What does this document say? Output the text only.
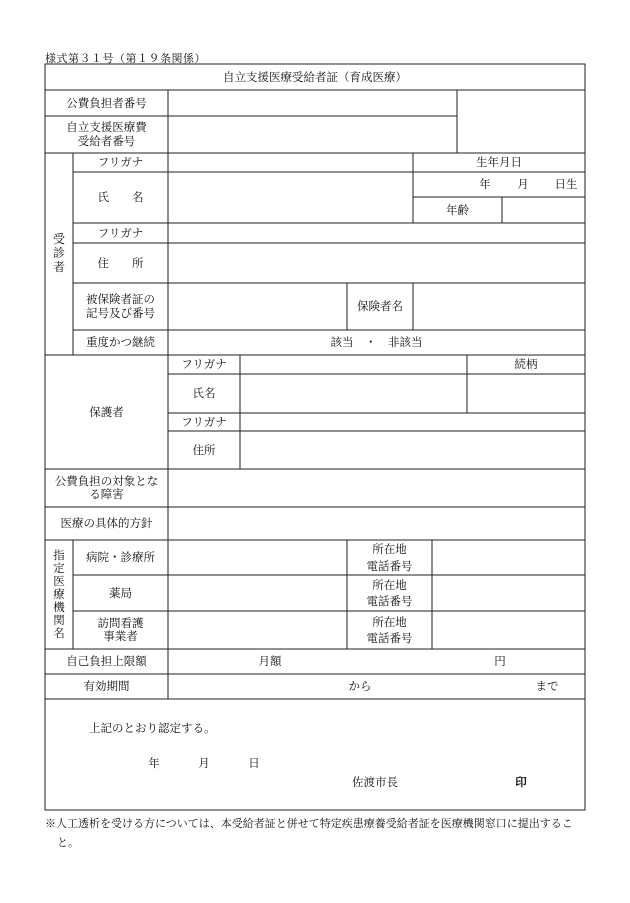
様式第３１号（第１９条関係）
自立支援医療受給者証（育成医療）
公費負担者番号
自立支援医療費
受給者番号
受
診
者
フリガナ	生年月日
氏　　名
年	月	日生
年齢
フリガナ
住　　所
被保険者証の
記号及び番号	保険者名
重度かつ継続	該当　・　非該当
保護者
フリガナ	続柄
氏名
フリガナ
住所
公費負担の対象とな
る障害
医療の具体的方針
指
定
医
療
機
関
名
病院・診療所
所在地
電話番号
薬局
所在地
電話番号
訪問看護
事業者
所在地
電話番号
自己負担上限額	月額	円
有効期間	から	まで
上記のとおり認定する。
年	月	日
佐渡市長	印
※人工透析を受ける方については、本受給者証と併せて特定疾患療養受給者証を医療機関窓口に提出すること。
